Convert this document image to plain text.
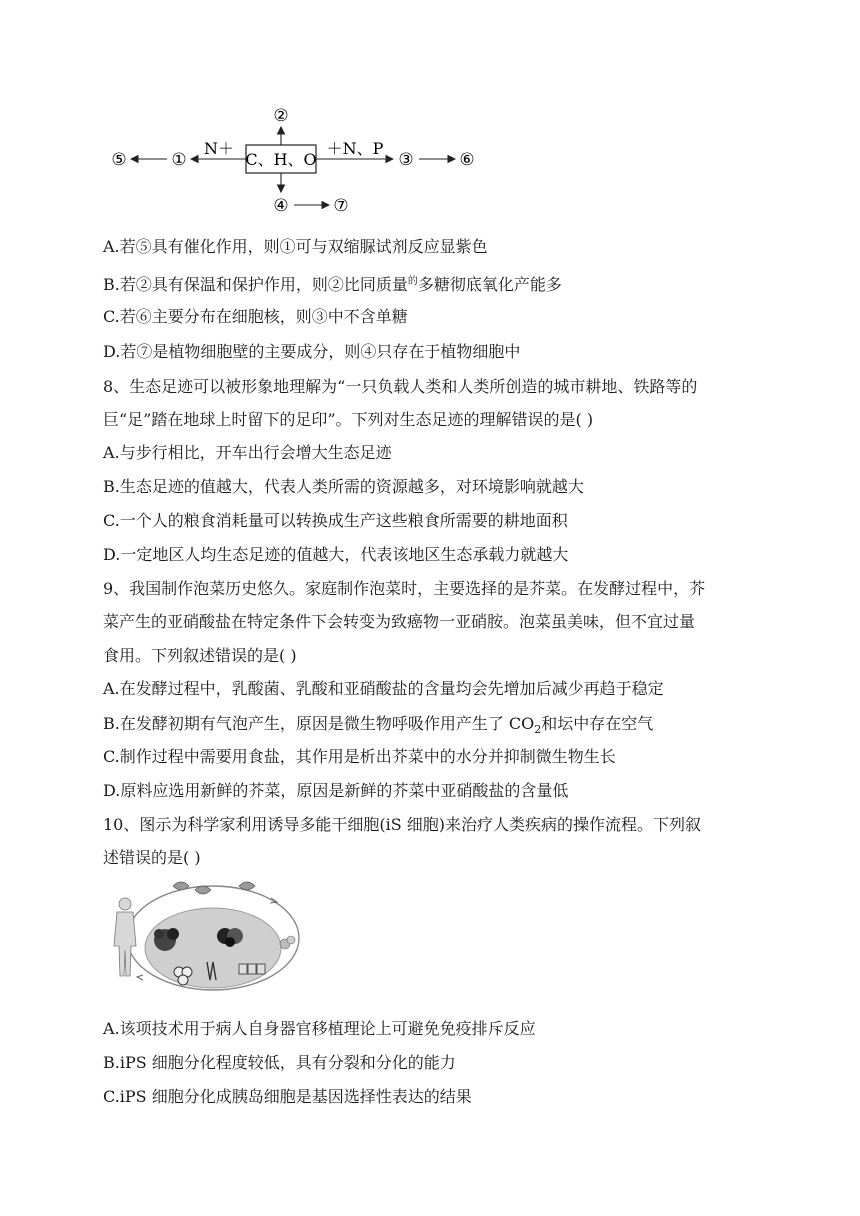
C、H、O
②
N＋
①
⑤
＋N、P
③	⑥
④	⑦
A.若⑤具有催化作用，则①可与双缩脲试剂反应显紫色
B.若②具有保温和保护作用，则②比同质量$^的$多糖彻底氧化产能多
C.若⑥主要分布在细胞核，则③中不含单糖
D.若⑦是植物细胞壁的主要成分，则④只存在于植物细胞中
8、生态足迹可以被形象地理解为“一只负载人类和人类所创造的城市耕地、铁路等的
巨“足”踏在地球上时留下的足印”。下列对生态足迹的理解错误的是( )
A.与步行相比，开车出行会增大生态足迹
B.生态足迹的值越大，代表人类所需的资源越多，对环境影响就越大
C.一个人的粮食消耗量可以转换成生产这些粮食所需要的耕地面积
D.一定地区人均生态足迹的值越大，代表该地区生态承载力就越大
9、我国制作泡菜历史悠久。家庭制作泡菜时，主要选择的是芥菜。在发酵过程中，芥
菜产生的亚硝酸盐在特定条件下会转变为致癌物一亚硝胺。泡菜虽美味，但不宜过量
食用。下列叙述错误的是( )
A.在发酵过程中，乳酸菌、乳酸和亚硝酸盐的含量均会先增加后减少再趋于稳定
B.在发酵初期有气泡产生，原因是微生物呼吸作用产生了 $CO_2$和坛中存在空气
C.制作过程中需要用食盐，其作用是析出芥菜中的水分并抑制微生物生长
D.原料应选用新鲜的芥菜，原因是新鲜的芥菜中亚硝酸盐的含量低
10、图示为科学家利用诱导多能干细胞(iS 细胞)来治疗人类疾病的操作流程。下列叙
述错误的是( )
A.该项技术用于病人自身器官移植理论上可避免免疫排斥反应
B.iPS 细胞分化程度较低，具有分裂和分化的能力
C.iPS 细胞分化成胰岛细胞是基因选择性表达的结果
